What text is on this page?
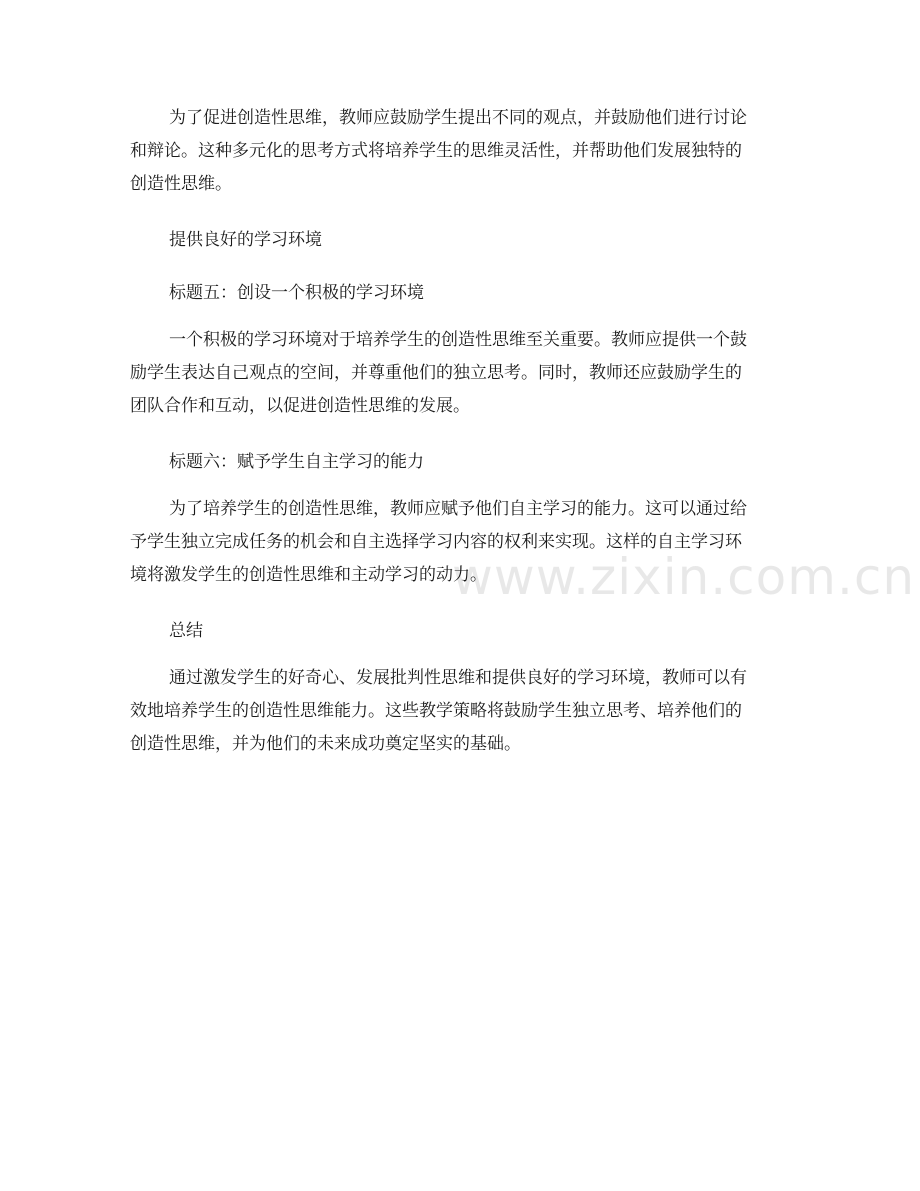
为了促进创造性思维，教师应鼓励学生提出不同的观点，并鼓励他们进行讨论
和辩论。这种多元化的思考方式将培养学生的思维灵活性，并帮助他们发展独特的
创造性思维。

提供良好的学习环境

标题五：创设一个积极的学习环境

一个积极的学习环境对于培养学生的创造性思维至关重要。教师应提供一个鼓
励学生表达自己观点的空间，并尊重他们的独立思考。同时，教师还应鼓励学生的
团队合作和互动，以促进创造性思维的发展。

标题六：赋予学生自主学习的能力

为了培养学生的创造性思维，教师应赋予他们自主学习的能力。这可以通过给
予学生独立完成任务的机会和自主选择学习内容的权利来实现。这样的自主学习环
境将激发学生的创造性思维和主动学习的动力。

总结

通过激发学生的好奇心、发展批判性思维和提供良好的学习环境，教师可以有
效地培养学生的创造性思维能力。这些教学策略将鼓励学生独立思考、培养他们的
创造性思维，并为他们的未来成功奠定坚实的基础。
www.zixin.com.cn
